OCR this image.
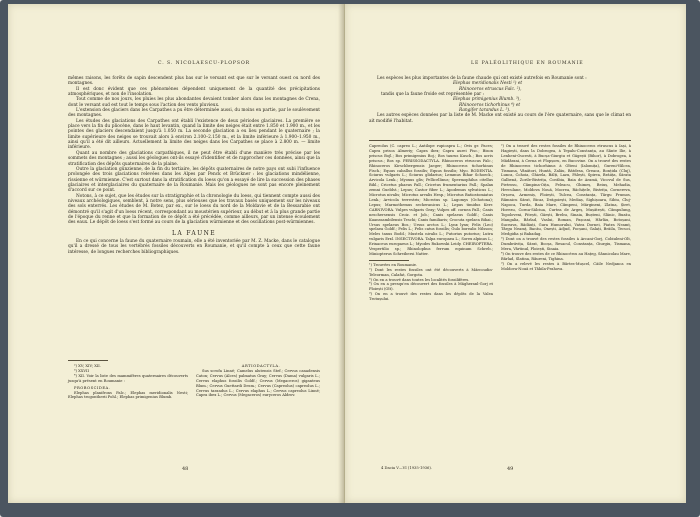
C. S. NICOLAESCU-PLOPSOR

mêmes raisons, les forêts de sapin descendent plus bas sur le versant est que sur le versant ouest ou nord des montagnes.

Il est donc évident que ces phénomènes dépendent uniquement de la quantité des précipitations atmosphériques, et non de l'insolation.

Tout comme de nos jours, les pluies les plus abondantes devaient tomber alors dans les montagnes de Crena, dont le versant sud est tout le temps sous l'action des vents pluvieux.

L'extension des glaciers dans les Carpathes a pu être déterminée aussi, du moins en partie, par le soulèvement des montagnes.

Les études des glaciations des Carpathes ont établi l'existence de deux périodes glaciaires. La première se place vers la fin du pliocène, dans le haut levantin, quand la limite des neiges était entre 1.850 et 1.900 m., et les pointes des glaciers descendaient jusqu'à 1.050 m. La seconde glaciation a eu lieu pendant le quaternaire ; la limite supérieure des neiges se trouvait alors à environ 2.100–2.150 m., et la limite inférieure à 1.900–1.950 m., ainsi qu'il a été dit ailleurs. Actuellement la limite des neiges dans les Carpathes se place à 2.800 m. — limite inférieure.

Quant au nombre des glaciations carpathiques, il ne peut être établi d'une manière très précise par les sommets des montagnes ; aussi les géologues ont-ils essayé d'identifier et de rapprocher ces données, ainsi que la stratification des dépôts quaternaires de la plaine.

Outre la glaciation günzienne, de la fin du tertiaire, les dépôts quaternaires de notre pays ont subi l'influence prolongée des trois glaciations relevées dans les Alpes par Penck et Brückner : les glaciations mindélienne, rissienne et würmienne. C'est surtout dans la stratification du loess qu'on a essayé de lire la succession des phases glaciaires et interglaciaires du quaternaire de la Roumanie. Mais les géologues ne sont pas encore pleinement d'accord sur ce point.

Notons, à ce sujet, que les études sur la stratigraphie et la chronologie du loess, qui tiennent compte aussi des niveaux archéologiques, semblent, à notre sens, plus sérieuses que les travaux basés uniquement sur les niveaux des sols enterrés. Les études de M. Botez, par ex., sur le loess du nord de la Moldavie et de la Bessarabie ont démontré qu'il s'agit d'un loess récent, correspondant au moustérien supérieur, au début et à la plus grande partie de l'époque du renne et que la formation de ce dépôt a été précédée, comme ailleurs, par un intense écoulement des eaux. Le dépôt de loess s'est formé au cours de la glaciation würmienne et des oscillations post-würmiennes.

LA FAUNE

En ce qui concerne la faune du quaternaire roumain, elle a été inventoriée par M. Z. Macke, dans le catalogue qu'il a dressé de tous les vertébrés fossiles découverts en Roumanie, et qu'il compte à ceux que cette faune intéresse, de longues recherches bibliographiques.

²) XV; XIV; XII.

³) XXVII

⁴) XII. Voir la liste des mammifères quaternaires découverts jusqu'à présent en Roumanie :

PROBOSCIDEA.

Elephas planifrons Falc.; Elephas meridionalis Nesti; Elephas trogontherii Pohl.; Elephas primigenius Blumb.

ARTIODACTYLA.

Sus scrofa Linné; Camelus alutensis Stef.; Cervus canadensis Caton; Cervus (Alces) palmatus Gray; Cervus (Dama) vulgaris L.; Cervus elaphus fossilis Goldf.; Cervus (Megaceros) giganteus Blum.; Cervus Guettardi Desm.; Cervus (Capreolus) capreolus L.; Cervus tarandus L.; Cervus elaphus L.; Cervus capreolus Linné; Capra ibex L.; Cervus (Megaceros) euryceros Aldrov.

48
LE PALÉOLITHIQUE EN ROUMANIE

Les espèces les plus importantes de la faune chaude qui ont existé autrefois en Roumanie sont :

Elephas meridionalis Nesti ¹) et

Rhinoceros etruscus Falc. ²),

tandis que la faune froide est représentée par :

Elephas primigenius Blumb. ³),

Rhinoceros tichorhinus ⁴) et

Rangifer tarandus L. ⁵).

Les autres espèces données par la liste de M. Macke ont existé au cours de l'ère quaternaire, sans que le climat en ait modifié l'habitat.

Capreolus (C. capreo L.; Antilope rupicapra L.; Ovis gr. Paces; Capra prisca Almeriy; Capra ibex; Capra aurei Fisc.; Bison priscus Bojl.; Bos primigenius Boj.; Bos taurus Kusch.; Bos acris priscus.; Bos sp. PERISSODACTYLA. Rhinoceros etruscus Falc.; Rhinoceros Kirschbergensis Jaeger; Rhinoceros tichorhinus Fisch.; Equus caballus fossilis; Equus fossilis; Myo. RODENTIA. Sciurus vulgaris L.; Sciurus glidarius; Lemmus Bihar Schoeck.; Arvicola Lenk.; Myoxus glis; Pellicellinus; Spermophilus citellus Bihl.; Cricetus phaeus Pall.; Cricetus frumentarius Pall.; Spalax zemni Gueldst.; Lepus; Castor fiber L.; Apodemus sylvaticus L.; Microtus nivalis; Microtus arvalis Hesp.; Microtus Batiostomiatus Lenk.; Arvicola terrestris; Microtus sp. Lagomys (Ochotona); Lepus; Marmothemus secheranicus L.; Lepus timidus Kerr. CARNIVORA. Vulpes vulgaris Gray; Vulpes off. cornea Pall.; Canis neschersensis Croiz. et Job.; Canis spelaeus Goldf.; Canis Kuanssambilensis Teschi; Canis familiaris; Crocuta spelaea Bihai.; Ursus spelaeus Bos.; Ursus arctos L.; Lynx lynx; Felis (Leo) spelaea Goldf.; Felis L.; Felis catus fossilis; Gulo borealis Nilsson; Meles taxus Bodd.; Mustela nivalis L.; Putorius putorius; Lutra vulgaris Erxl. INSECTIVORA. Talpa europaea L.; Sorex alpinus L.; Erinaceus europaeus L.; Myodes Rukowski Leidy. CHEIROPTERA. Vespertilio sp.; Rhinolophus ferrum equinum Schreb.; Miniopterus Schreibersi Natter.

¹) Trouvées en Roumanie.

²) Dont les restes fossiles ont été découverts à Mărcoudin-Teleorman, Calafat, Gorgota.

³) On en a trouvé dans toutes les localités fossilifères.

⁴) On en a presqu'en découvert des fossiles à Măgheranl-Gorj et Ploiești (Olt).

⁵) On en a trouvé des restes dans les dépôts de la Valea Trotușului.

²) On a trouvé des restes fossiles de Rhinoceros etruscus à Iași, à Hagiești, dans la Dobrogea, à Tepalu-Constanța, au Sânte Ilie, à Lenheni-Oucesti, à Bucșa-Giurgiu et Găgești (Bihor), à Dobrogea, à Mădârani, à Cerna et Plopșoru, en Bucovine. On a trouvé des restes de Rhinoceros tichorhinus à Olteni (Ialomița), Gureni-Vâlcea, Tismana, Vânători, Huntă, Zalău, Bătdesa, Greaca, Bonțida (Cluj), Lunca, Cohoia, Ghizela, Bălți, Lazu, Fălești, Spirea, Brăiița, Sărata Galbenă, Zorile-Bistrița, Corăbia, Baia de Aramă, Vicovul de Sus, Pietrosu, Câmpina-Oița, Feleacu, Ghimeș, Beiuș, Mehadia, Herculane, Moldova Nouă, Mocrea, Răchițele, Bistrița, Cornereva, Orșova, Armeniș, Ploiești, Tulcea, Constanța, Târgu Frumos, Râmnicu Sărat, Bicaz, Drăgoiești, Mediaș, Sighișoara, Sibiu, Cluj-Napoca, Turda, Baia Mare, Câmpeni, Mărgineni, Zlatna, Șiret, Horezu, Cornu-Sălciua, Curtea de Argeș, Mușătești, Câmpulung, Topoloveni, Pitești, Găești, Brebu, Sinaia, Bușteni, Slănic, Buzău, Mangalia, Bârlad, Vaslui, Roman, Pașcani, Hârlău, Botoșani, Suceava, Rădăuți, Gura Humorului, Vatra Dornei, Piatra Neamț, Târgu Neamț, Bacău, Onești, Adjud, Focșani, Galați, Brăila, Tecuci, Medgidia și Babadag.

³) Dont on a trouvé des restes fossiles à Arcani-Gorj, Cobiuleni-Olt, Dumbrăvița, Sărat, Bocșa, Resacul, Constanța, Giurgiu, Tismana, Mera, Vârtinul, Ploiești, Sinaia.

⁴) On trouve des restes de ce Rhinocéros au Hațeg, Sânnicolau Mare, Bârlad, Slatina, Râureni, Tighina.

⁵) On a relevé les restes à Bârtes-Mușcel, Căile Nedjanca en Moldova-Nouă et Tâhila-Prahova.

4 Dacia V—VI (1935-1936).	49
